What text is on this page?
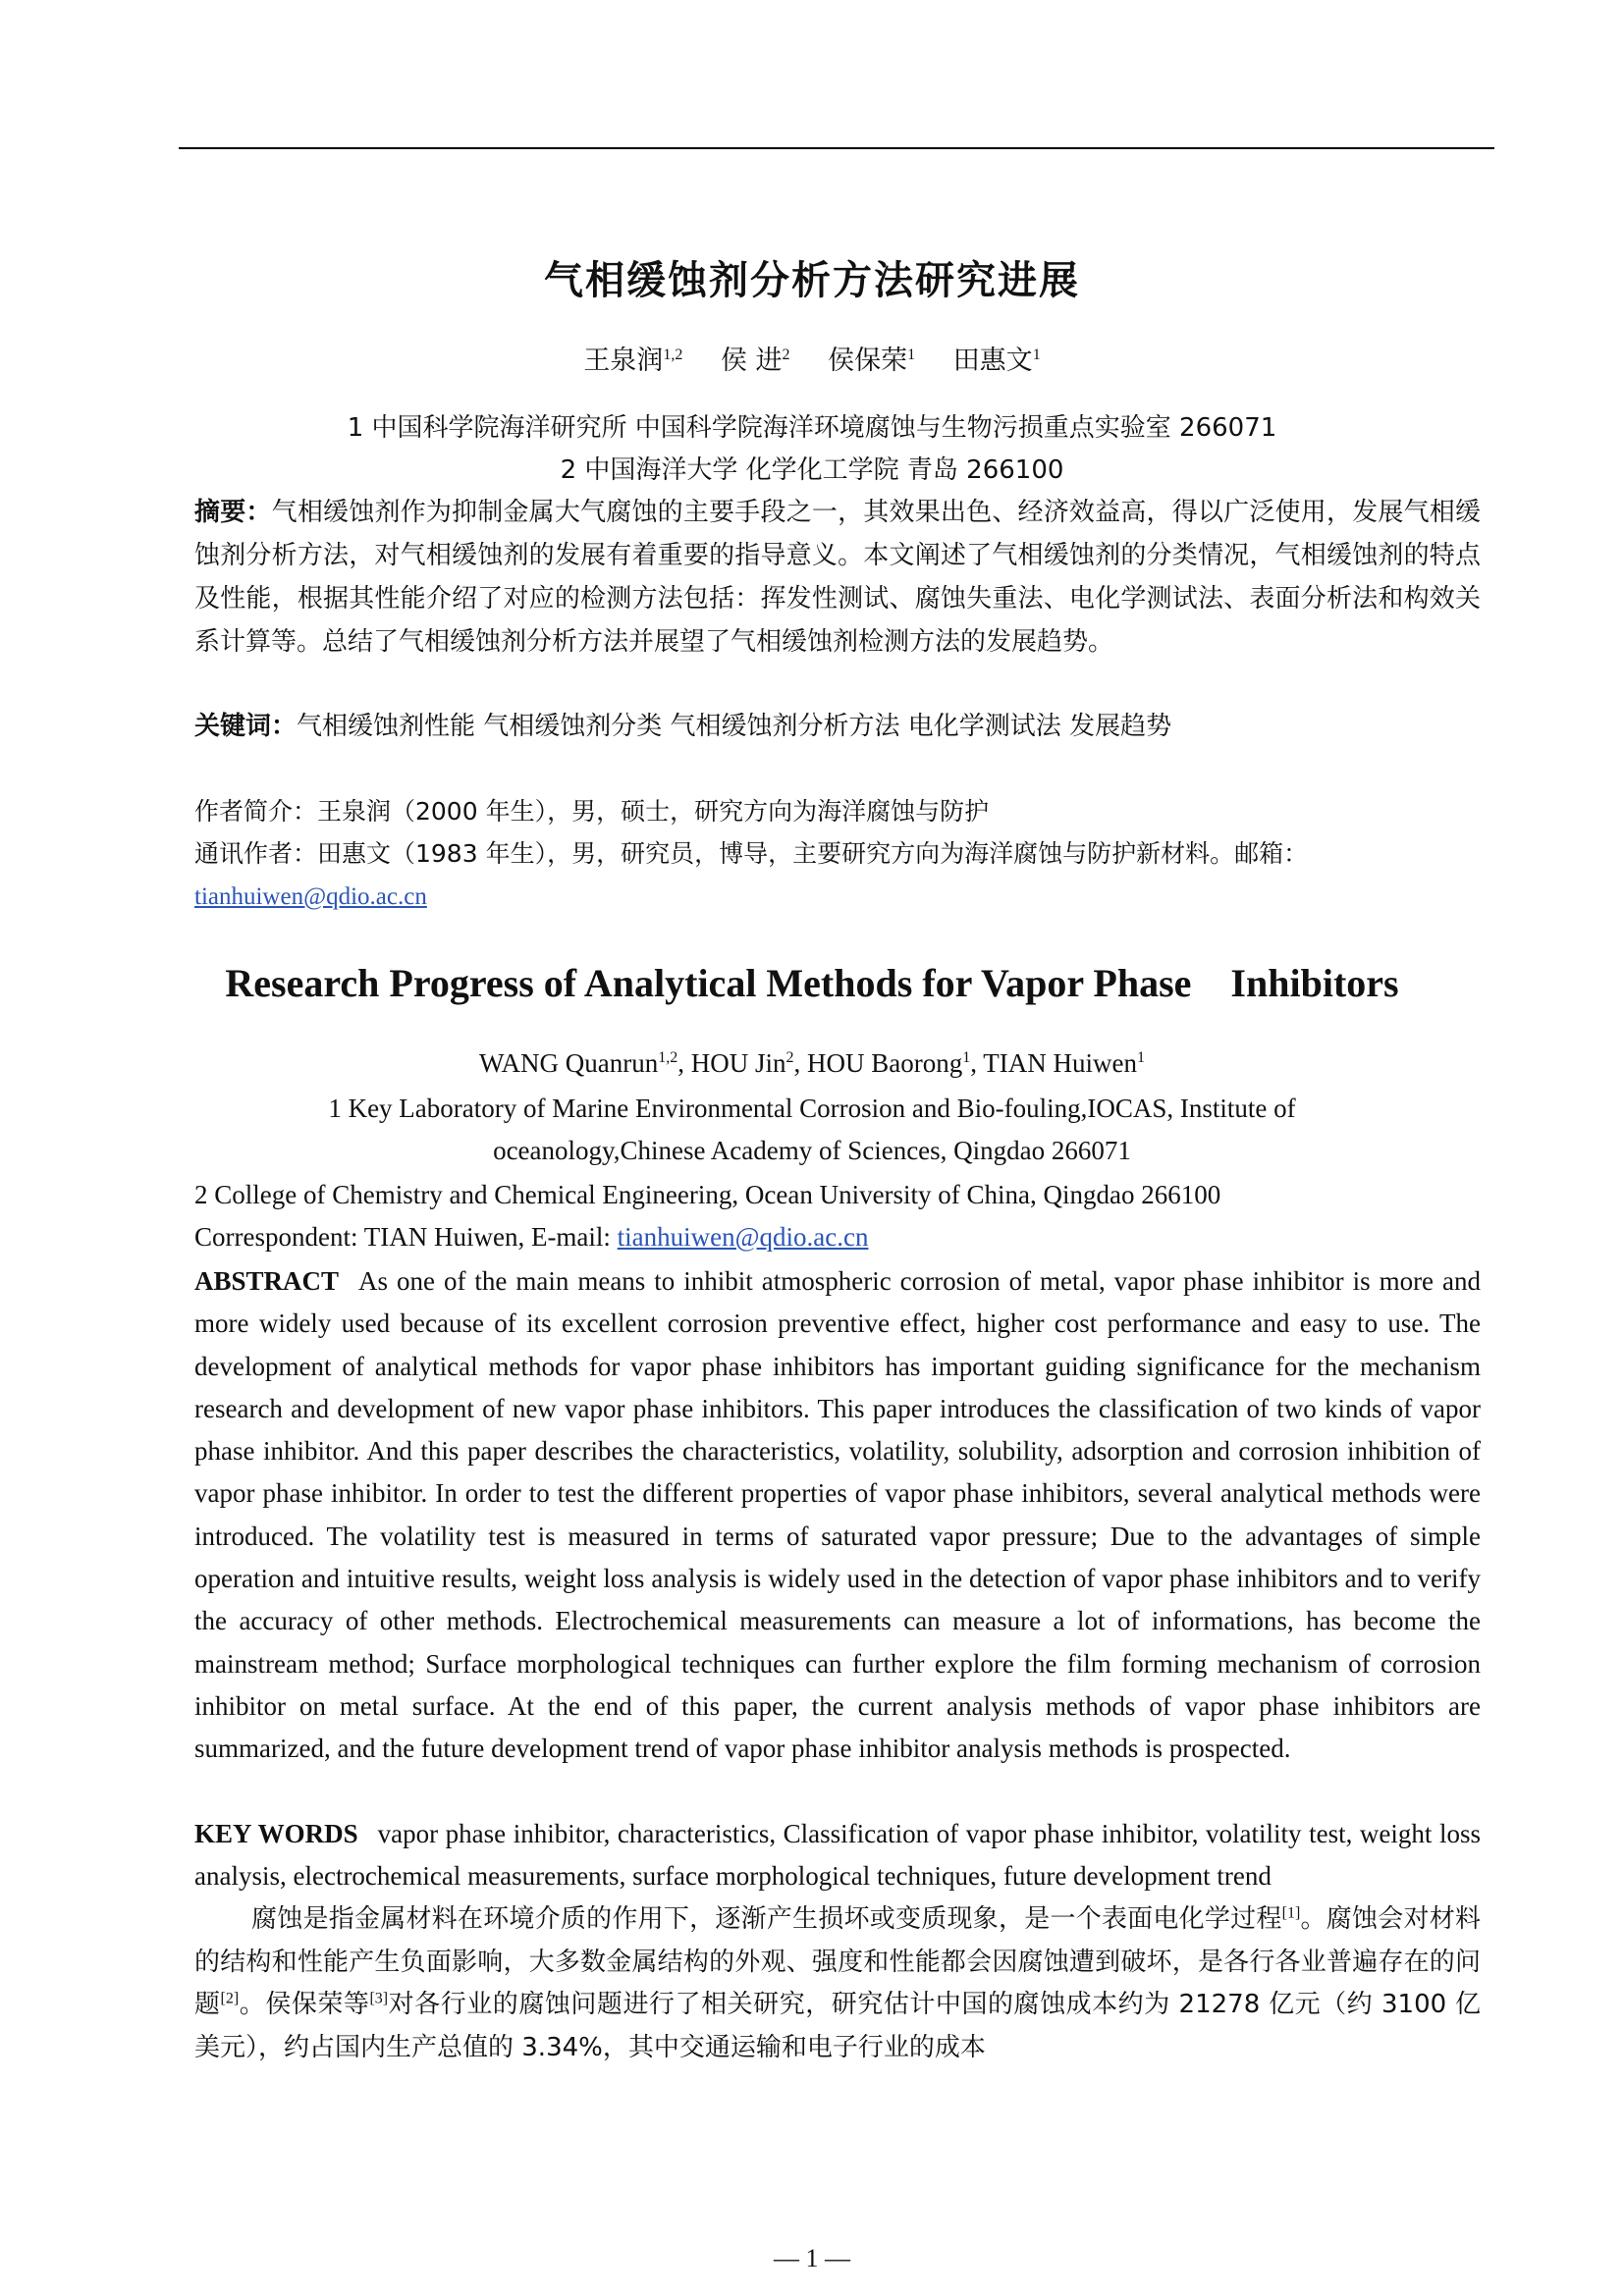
气相缓蚀剂分析方法研究进展
王泉润$^{1,2}$ 侯 进$^2$ 侯保荣$^1$ 田惠文$^1$
1 中国科学院海洋研究所 中国科学院海洋环境腐蚀与生物污损重点实验室 266071
2 中国海洋大学 化学化工学院 青岛 266100
摘要：气相缓蚀剂作为抑制金属大气腐蚀的主要手段之一，其效果出色、经济效益高，得以广泛使用，发展气相缓蚀剂分析方法，对气相缓蚀剂的发展有着重要的指导意义。本文阐述了气相缓蚀剂的分类情况，气相缓蚀剂的特点及性能，根据其性能介绍了对应的检测方法包括：挥发性测试、腐蚀失重法、电化学测试法、表面分析法和构效关系计算等。总结了气相缓蚀剂分析方法并展望了气相缓蚀剂检测方法的发展趋势。
关键词：气相缓蚀剂性能 气相缓蚀剂分类 气相缓蚀剂分析方法 电化学测试法 发展趋势
作者简介：王泉润（2000 年生），男，硕士，研究方向为海洋腐蚀与防护
通讯作者：田惠文（1983 年生），男，研究员，博导，主要研究方向为海洋腐蚀与防护新材料。邮箱：
tianhuiwen@qdio.ac.cn
Research Progress of Analytical Methods for Vapor Phase　Inhibitors
WANG Quanrun$^{1,2}$, HOU Jin$^2$, HOU Baorong$^1$, TIAN Huiwen$^1$
1 Key Laboratory of Marine Environmental Corrosion and Bio-fouling,IOCAS, Institute of
oceanology,Chinese Academy of Sciences, Qingdao 266071
2 College of Chemistry and Chemical Engineering, Ocean University of China, Qingdao 266100
Correspondent: TIAN Huiwen, E-mail: tianhuiwen@qdio.ac.cn
ABSTRACT As one of the main means to inhibit atmospheric corrosion of metal, vapor phase inhibitor is more and more widely used because of its excellent corrosion preventive effect, higher cost performance and easy to use. The development of analytical methods for vapor phase inhibitors has important guiding significance for the mechanism research and development of new vapor phase inhibitors. This paper introduces the classification of two kinds of vapor phase inhibitor. And this paper describes the characteristics, volatility, solubility, adsorption and corrosion inhibition of vapor phase inhibitor. In order to test the different properties of vapor phase inhibitors, several analytical methods were introduced. The volatility test is measured in terms of saturated vapor pressure; Due to the advantages of simple operation and intuitive results, weight loss analysis is widely used in the detection of vapor phase inhibitors and to verify the accuracy of other methods. Electrochemical measurements can measure a lot of informations, has become the mainstream method; Surface morphological techniques can further explore the film forming mechanism of corrosion inhibitor on metal surface. At the end of this paper, the current analysis methods of vapor phase inhibitors are summarized, and the future development trend of vapor phase inhibitor analysis methods is prospected.
KEY WORDS vapor phase inhibitor, characteristics, Classification of vapor phase inhibitor, volatility test, weight loss analysis, electrochemical measurements, surface morphological techniques, future development trend
腐蚀是指金属材料在环境介质的作用下，逐渐产生损坏或变质现象，是一个表面电化学过程[1]。腐蚀会对材料的结构和性能产生负面影响，大多数金属结构的外观、强度和性能都会因腐蚀遭到破坏，是各行各业普遍存在的问题[2]。侯保荣等[3]对各行业的腐蚀问题进行了相关研究，研究估计中国的腐蚀成本约为 21278 亿元（约 3100 亿美元），约占国内生产总值的 3.34%，其中交通运输和电子行业的成本
— 1 —
